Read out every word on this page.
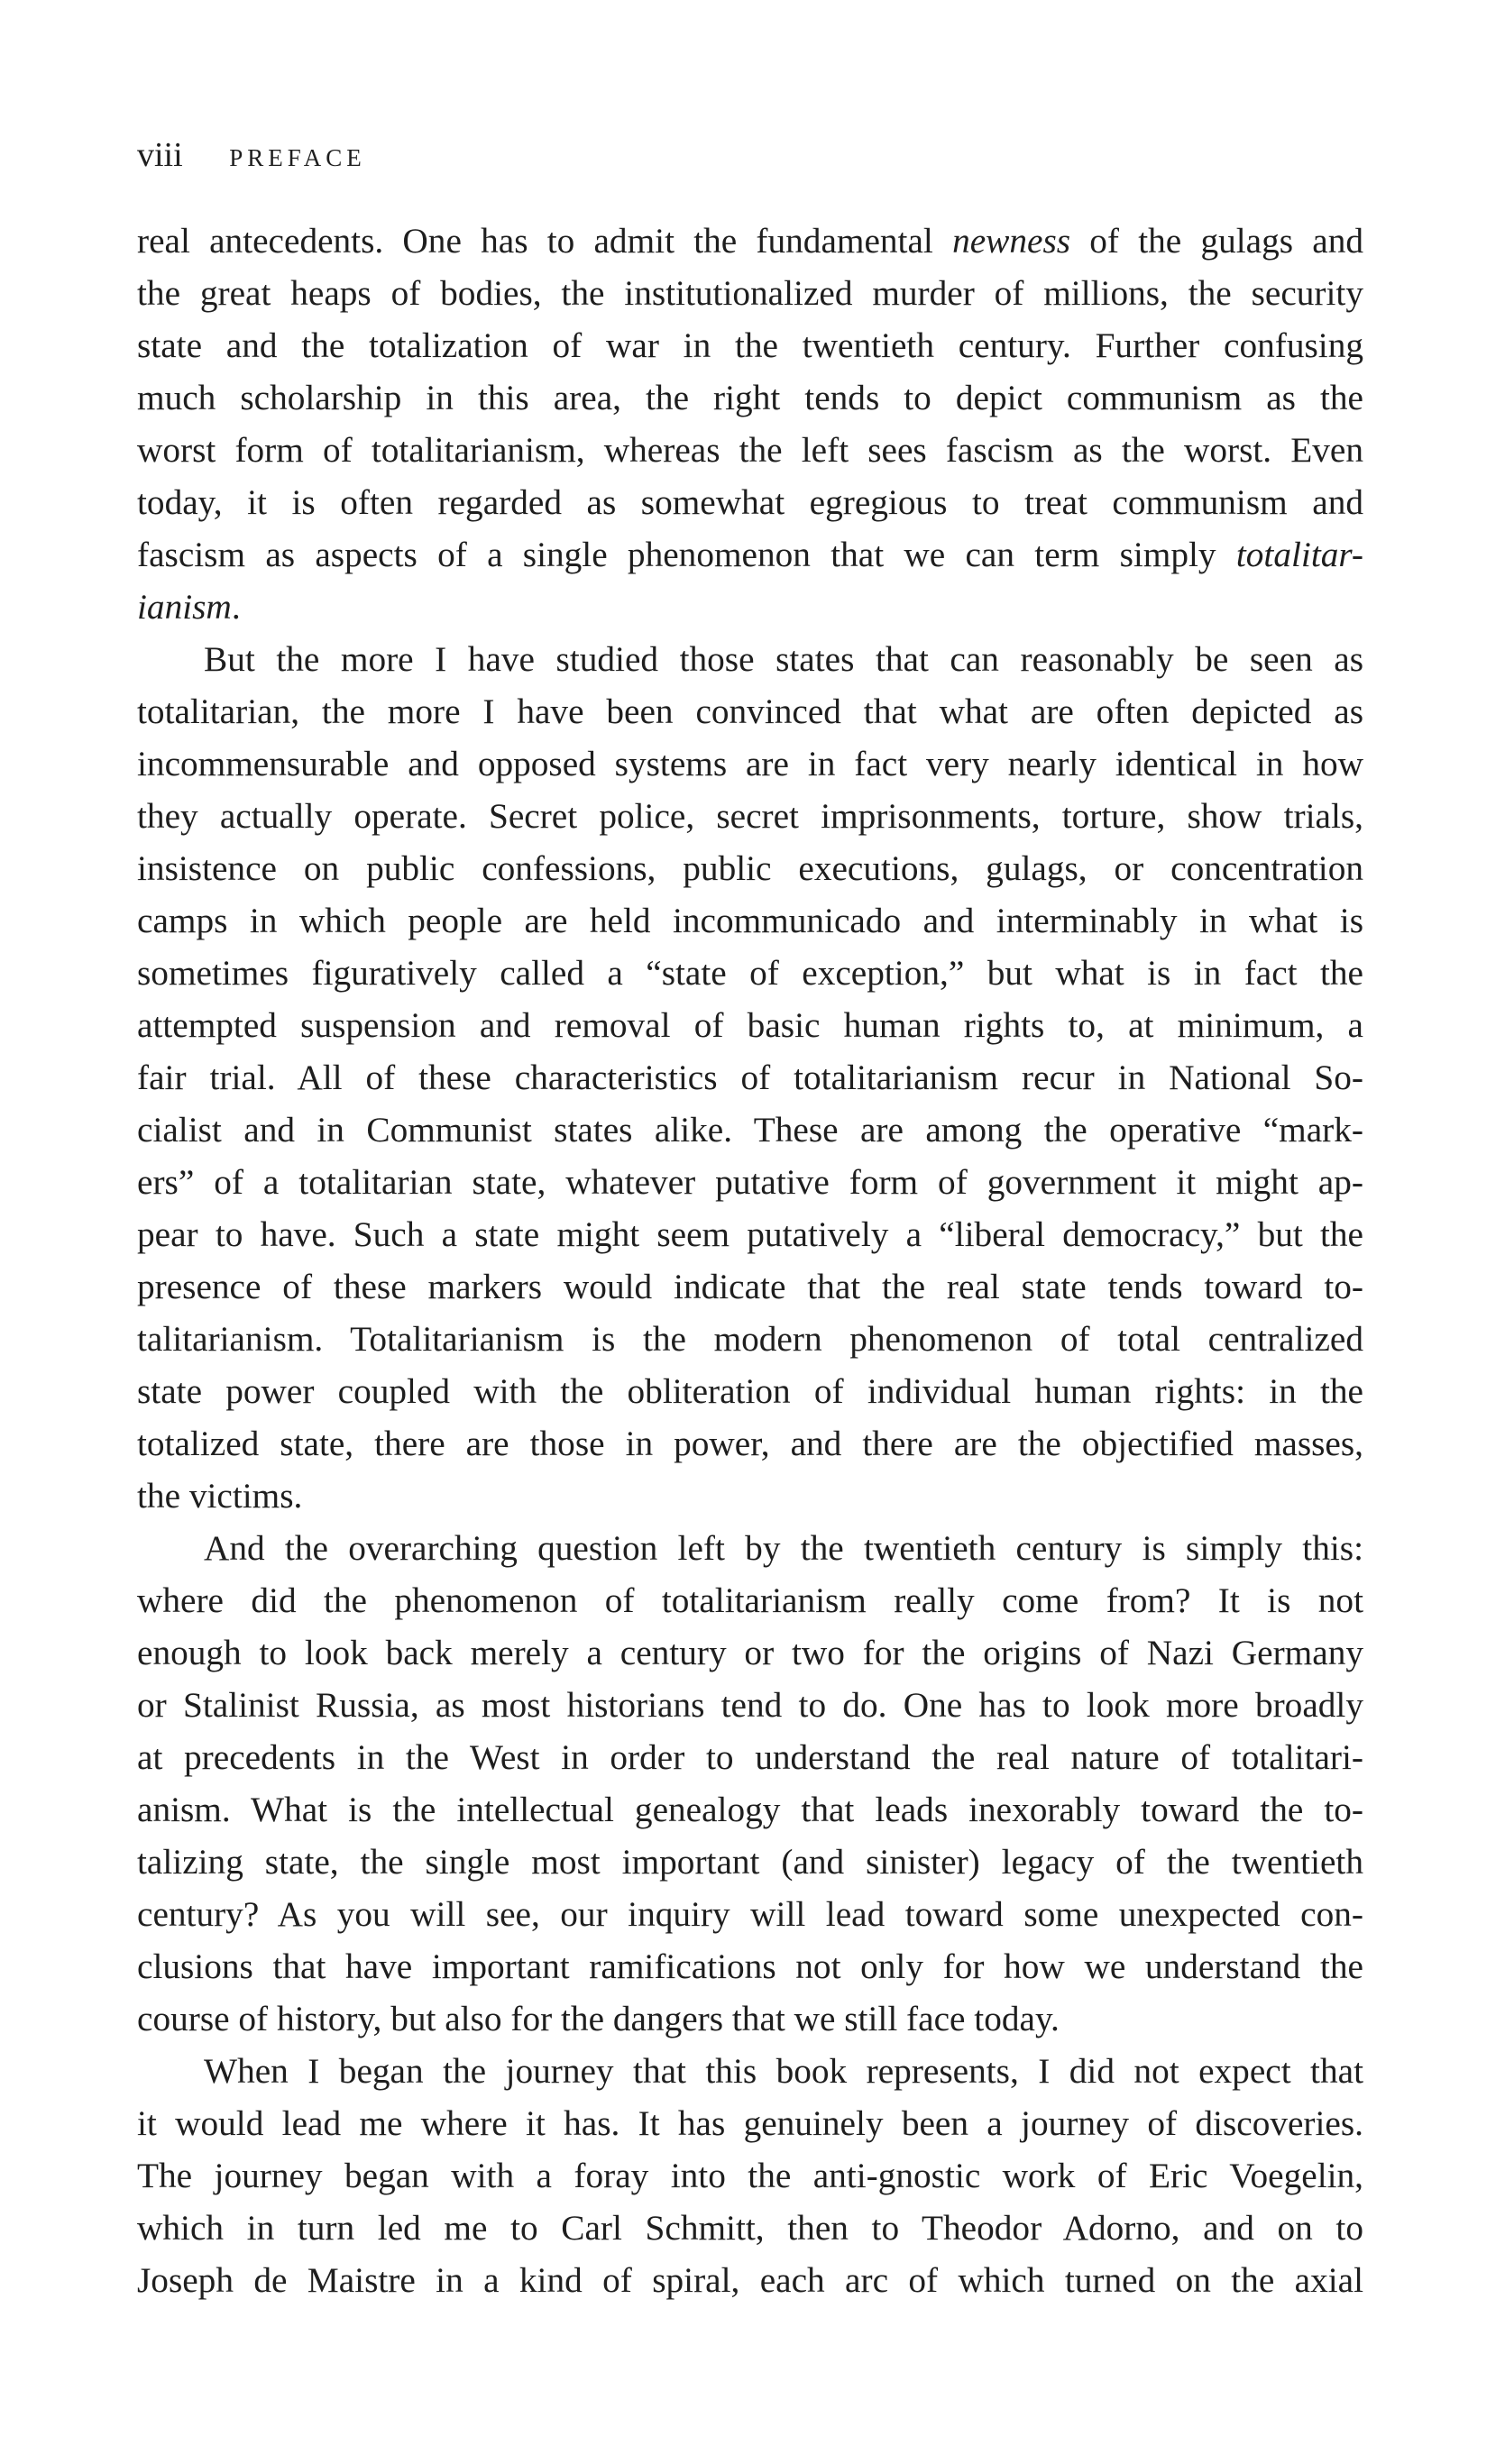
viii PREFACE
real antecedents. One has to admit the fundamental newness of the gulags and
the great heaps of bodies, the institutionalized murder of millions, the security
state and the totalization of war in the twentieth century. Further confusing
much scholarship in this area, the right tends to depict communism as the
worst form of totalitarianism, whereas the left sees fascism as the worst. Even
today, it is often regarded as somewhat egregious to treat communism and
fascism as aspects of a single phenomenon that we can term simply totalitar-
ianism.
But the more I have studied those states that can reasonably be seen as
totalitarian, the more I have been convinced that what are often depicted as
incommensurable and opposed systems are in fact very nearly identical in how
they actually operate. Secret police, secret imprisonments, torture, show trials,
insistence on public confessions, public executions, gulags, or concentration
camps in which people are held incommunicado and interminably in what is
sometimes figuratively called a “state of exception,” but what is in fact the
attempted suspension and removal of basic human rights to, at minimum, a
fair trial. All of these characteristics of totalitarianism recur in National So-
cialist and in Communist states alike. These are among the operative “mark-
ers” of a totalitarian state, whatever putative form of government it might ap-
pear to have. Such a state might seem putatively a “liberal democracy,” but the
presence of these markers would indicate that the real state tends toward to-
talitarianism. Totalitarianism is the modern phenomenon of total centralized
state power coupled with the obliteration of individual human rights: in the
totalized state, there are those in power, and there are the objectified masses,
the victims.
And the overarching question left by the twentieth century is simply this:
where did the phenomenon of totalitarianism really come from? It is not
enough to look back merely a century or two for the origins of Nazi Germany
or Stalinist Russia, as most historians tend to do. One has to look more broadly
at precedents in the West in order to understand the real nature of totalitari-
anism. What is the intellectual genealogy that leads inexorably toward the to-
talizing state, the single most important (and sinister) legacy of the twentieth
century? As you will see, our inquiry will lead toward some unexpected con-
clusions that have important ramifications not only for how we understand the
course of history, but also for the dangers that we still face today.
When I began the journey that this book represents, I did not expect that
it would lead me where it has. It has genuinely been a journey of discoveries.
The journey began with a foray into the anti-gnostic work of Eric Voegelin,
which in turn led me to Carl Schmitt, then to Theodor Adorno, and on to
Joseph de Maistre in a kind of spiral, each arc of which turned on the axial
